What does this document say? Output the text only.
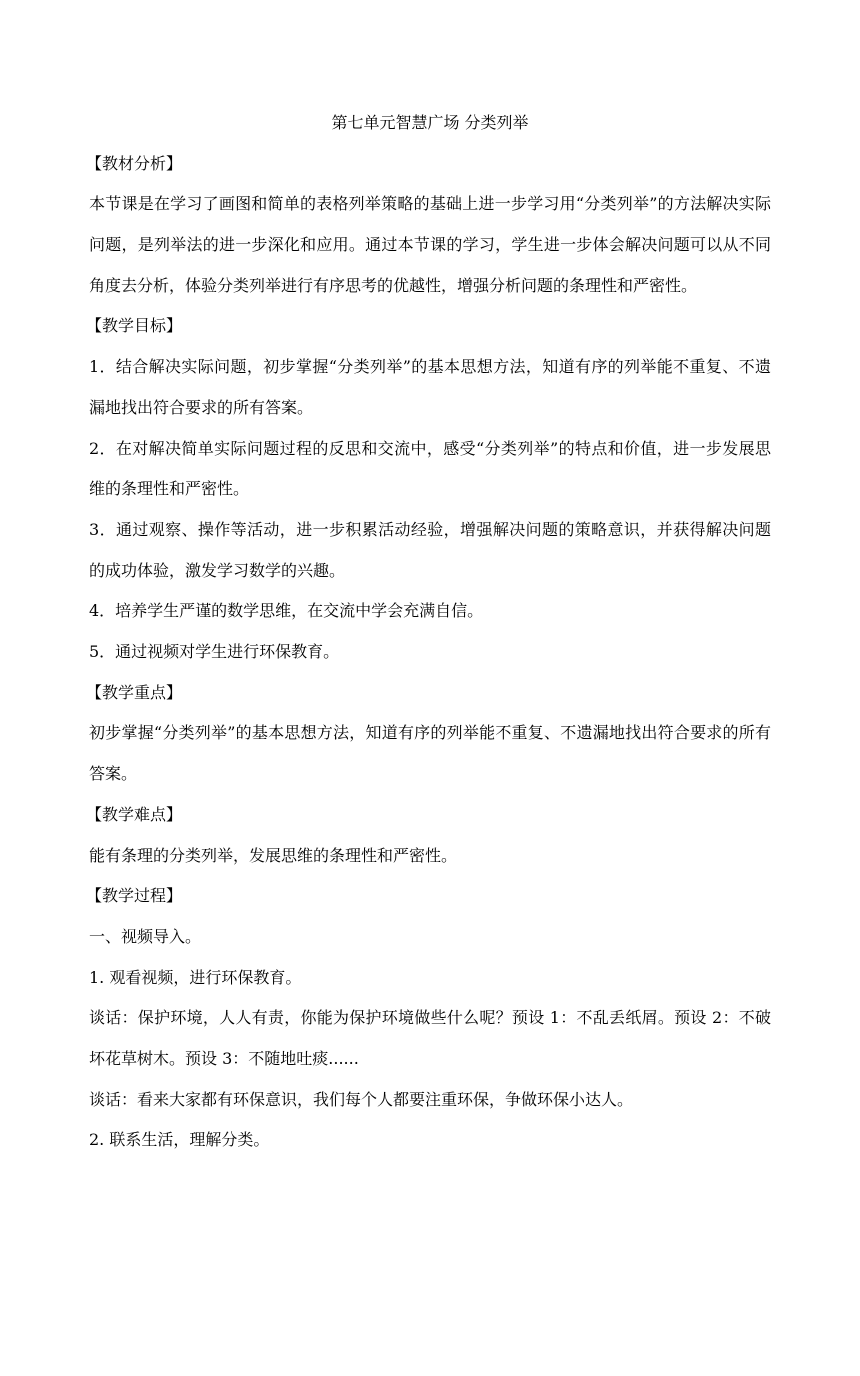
第七单元智慧广场 分类列举

【教材分析】

本节课是在学习了画图和简单的表格列举策略的基础上进一步学习用“分类列举”的方法解决实际问题，是列举法的进一步深化和应用。通过本节课的学习，学生进一步体会解决问题可以从不同角度去分析，体验分类列举进行有序思考的优越性，增强分析问题的条理性和严密性。

【教学目标】

1．结合解决实际问题，初步掌握“分类列举”的基本思想方法，知道有序的列举能不重复、不遗漏地找出符合要求的所有答案。

2．在对解决简单实际问题过程的反思和交流中，感受“分类列举”的特点和价值，进一步发展思维的条理性和严密性。

3．通过观察、操作等活动，进一步积累活动经验，增强解决问题的策略意识，并获得解决问题的成功体验，激发学习数学的兴趣。

4．培养学生严谨的数学思维，在交流中学会充满自信。

5．通过视频对学生进行环保教育。

【教学重点】

初步掌握“分类列举”的基本思想方法，知道有序的列举能不重复、不遗漏地找出符合要求的所有答案。

【教学难点】

能有条理的分类列举，发展思维的条理性和严密性。

【教学过程】

一、视频导入。

1. 观看视频，进行环保教育。

谈话：保护环境，人人有责，你能为保护环境做些什么呢？预设 1：不乱丢纸屑。预设 2：不破坏花草树木。预设 3：不随地吐痰......

谈话：看来大家都有环保意识，我们每个人都要注重环保，争做环保小达人。

2. 联系生活，理解分类。
